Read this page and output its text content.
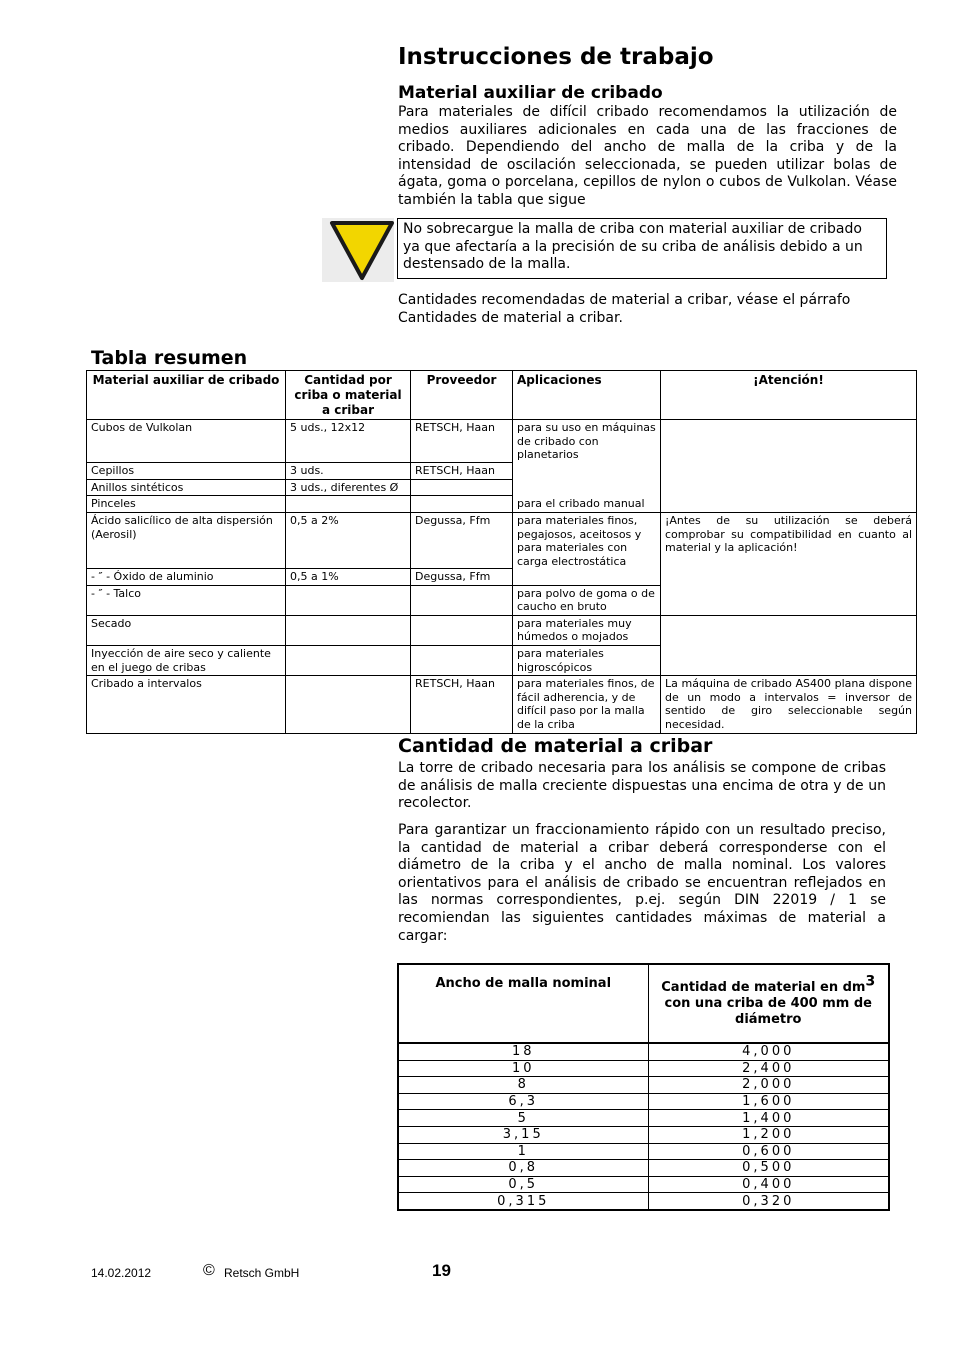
Instrucciones de trabajo
Material auxiliar de cribado

Para materiales de difícil cribado recomendamos la utilización de medios auxiliares adicionales en cada una de las fracciones de cribado. Dependiendo del ancho de malla de la criba y de la intensidad de oscilación seleccionada, se pueden utilizar bolas de ágata, goma o porcelana, cepillos de nylon o cubos de Vulkolan. Véase también la tabla que sigue

No sobrecargue la malla de criba con material auxiliar de cribado ya que afectaría a la precisión de su criba de análisis debido a un destensado de la malla.

Cantidades recomendadas de material a cribar, véase el párrafo Cantidades de material a cribar.

Tabla resumen
Material auxiliar de cribado	Cantidad por criba o material a cribar	Proveedor	Aplicaciones	¡Atención!
Cubos de Vulkolan	5 uds., 12x12	RETSCH, Haan	para su uso en máquinas de cribado con planetarios	
Cepillos	3 uds.	RETSCH, Haan		
Anillos sintéticos	3 uds., diferentes Ø			
Pinceles			para el cribado manual	
Ácido salicílico de alta dispersión (Aerosil)	0,5 a 2%	Degussa, Ffm	para materiales finos, pegajosos, aceitosos y para materiales con carga electrostática	¡Antes de su utilización se deberá comprobar su compatibilidad en cuanto al material y la aplicación!
- ″ - Óxido de aluminio	0,5 a 1%	Degussa, Ffm		
- ″ - Talco			para polvo de goma o de caucho en bruto	
Secado			para materiales muy húmedos o mojados	
Inyección de aire seco y caliente en el juego de cribas			para materiales higroscópicos	
Cribado a intervalos		RETSCH, Haan	para materiales finos, de fácil adherencia, y de difícil paso por la malla de la criba	La máquina de cribado AS400 plana dispone de un modo a intervalos = inversor de sentido de giro seleccionable según necesidad.
Cantidad de material a cribar

La torre de cribado necesaria para los análisis se compone de cribas de análisis de malla creciente dispuestas una encima de otra y de un recolector.

Para garantizar un fraccionamiento rápido con un resultado preciso, la cantidad de material a cribar deberá corresponderse con el diámetro de la criba y el ancho de malla nominal. Los valores orientativos para el análisis de cribado se encuentran reflejados en las normas correspondientes, p.ej. según DIN 22019 / 1 se recomiendan las siguientes cantidades máximas de material a cargar:

Ancho de malla nominal	Cantidad de material en $dm^3$
con una criba de 400 mm de diámetro
18	4,000
10	2,400
8	2,000
6,3	1,600
5	1,400
3,15	1,200
1	0,600
0,8	0,500
0,5	0,400
0,315	0,320
14.02.2012	© Retsch GmbH	19
